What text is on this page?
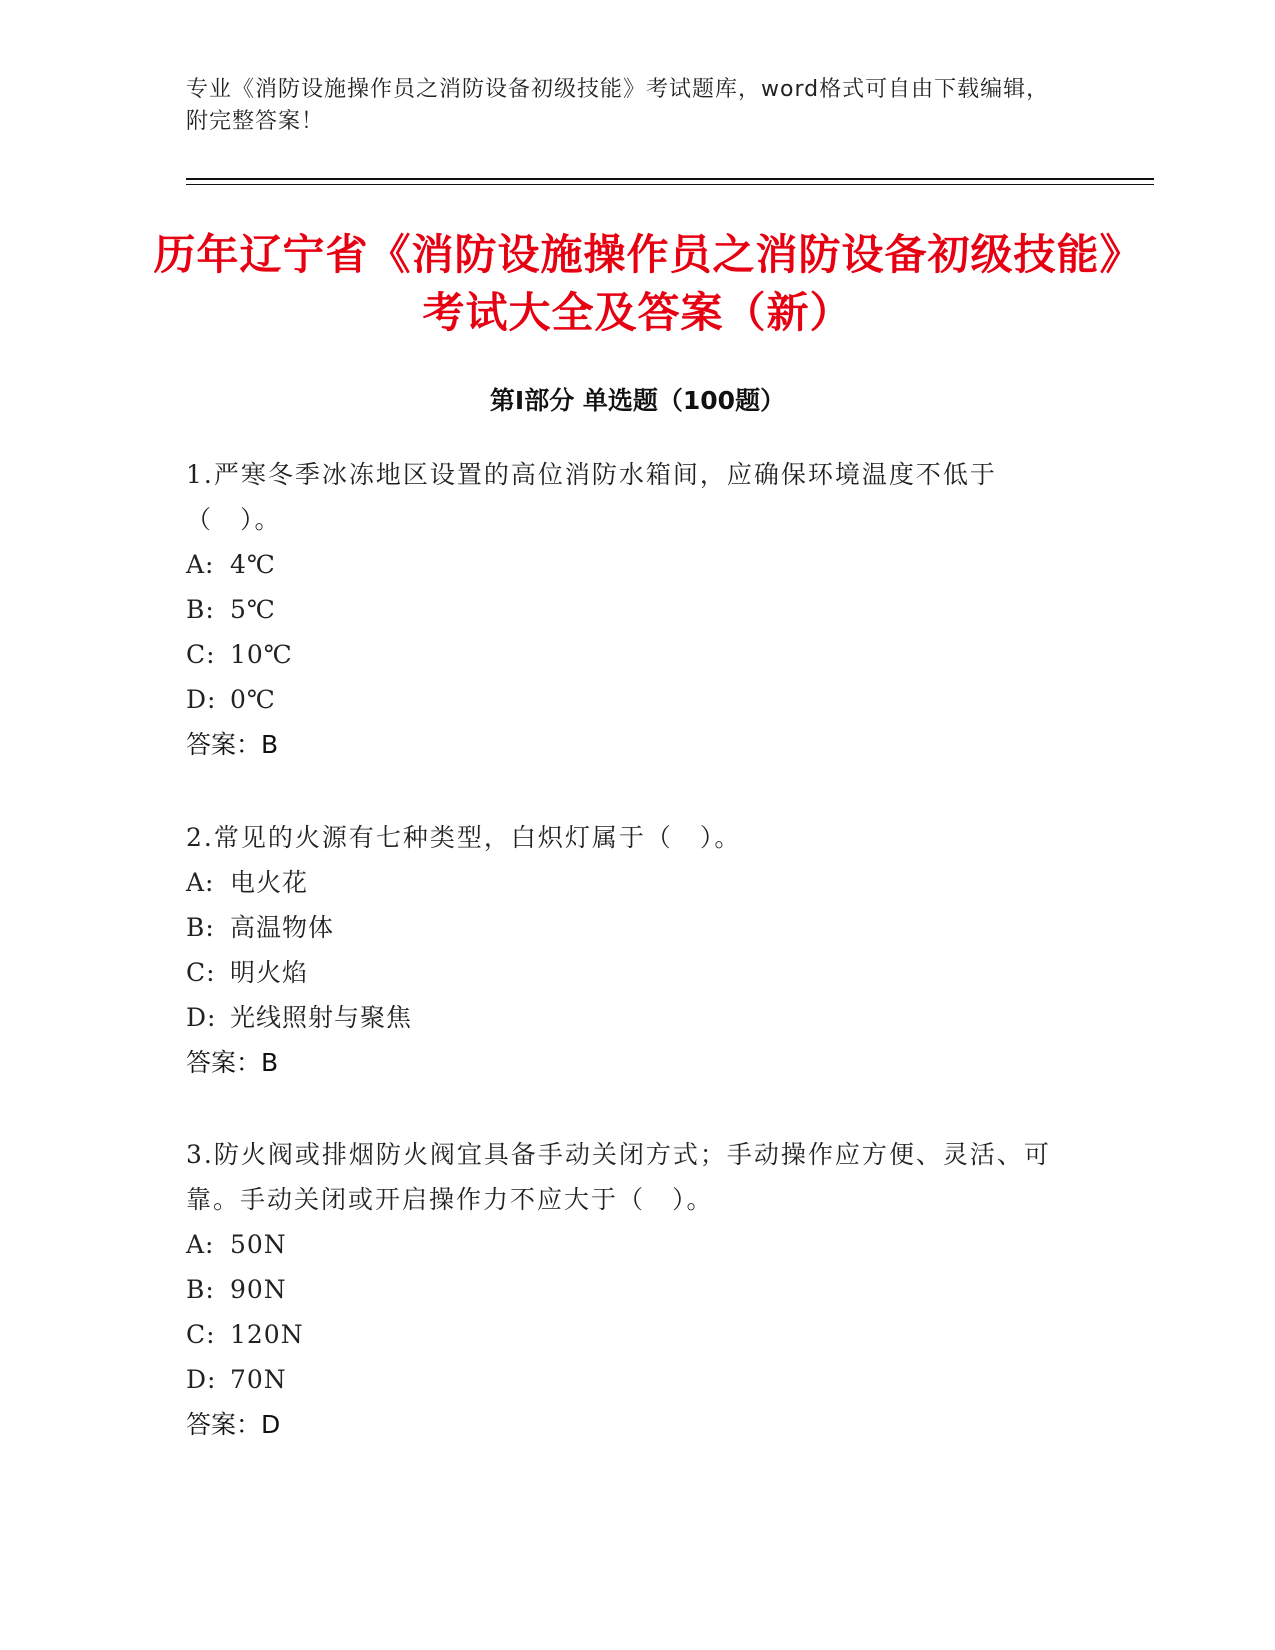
专业《消防设施操作员之消防设备初级技能》考试题库，word格式可自由下载编辑，附完整答案！
历年辽宁省《消防设施操作员之消防设备初级技能》考试大全及答案（新）
第I部分 单选题（100题）
1.严寒冬季冰冻地区设置的高位消防水箱间，应确保环境温度不低于（　）。
A: 4℃
B: 5℃
C: 10℃
D: 0℃
答案：B
2.常见的火源有七种类型，白炽灯属于（　）。
A: 电火花
B: 高温物体
C: 明火焰
D: 光线照射与聚焦
答案：B
3.防火阀或排烟防火阀宜具备手动关闭方式；手动操作应方便、灵活、可靠。手动关闭或开启操作力不应大于（　）。
A: 50N
B: 90N
C: 120N
D: 70N
答案：D
